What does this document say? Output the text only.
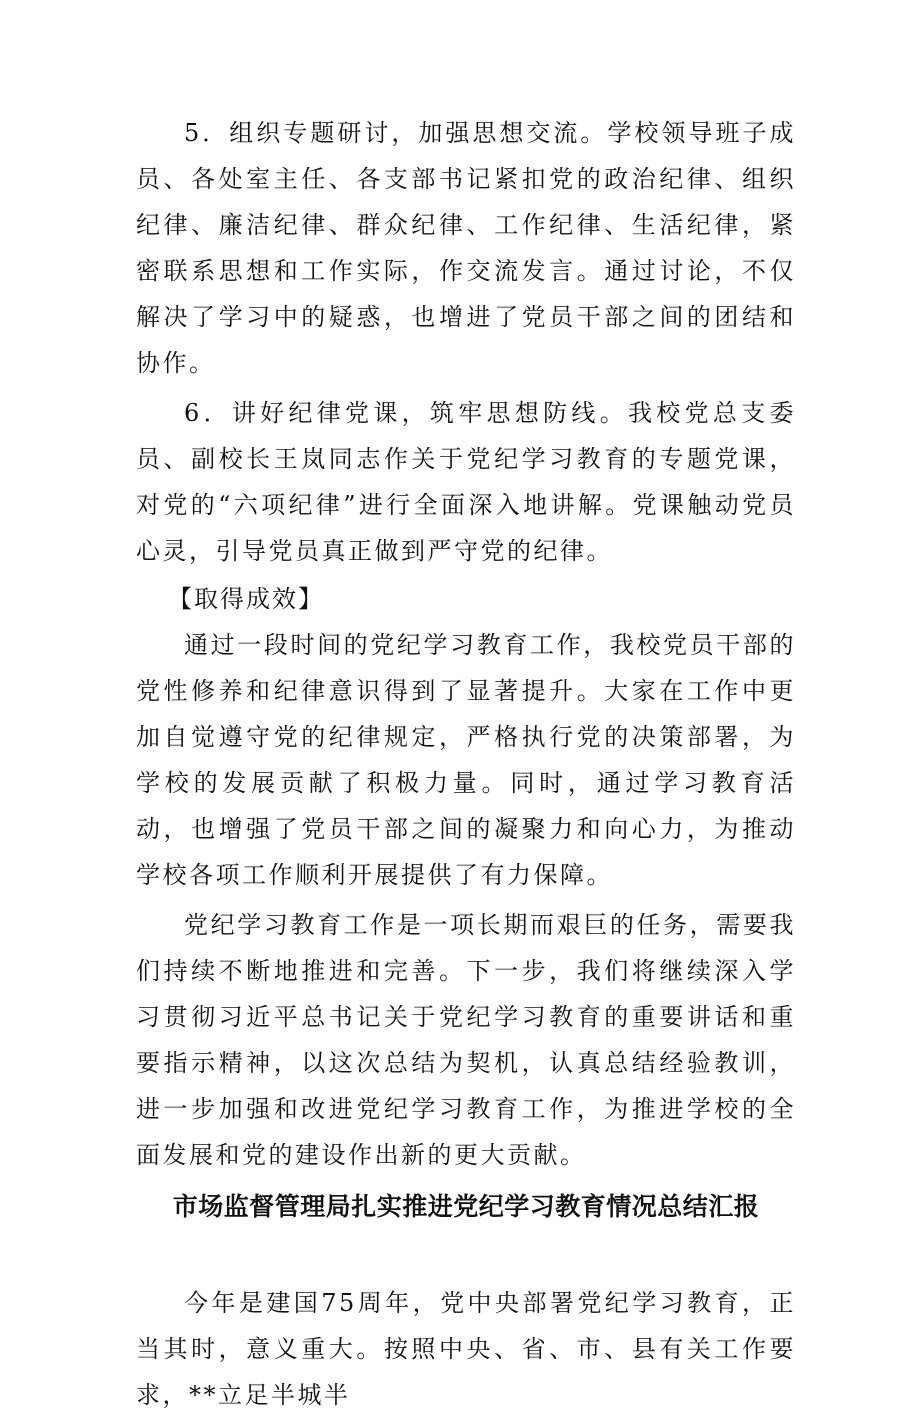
5．组织专题研讨，加强思想交流。学校领导班子成员、各处室主任、各支部书记紧扣党的政治纪律、组织纪律、廉洁纪律、群众纪律、工作纪律、生活纪律，紧密联系思想和工作实际，作交流发言。通过讨论，不仅解决了学习中的疑惑，也增进了党员干部之间的团结和协作。

6．讲好纪律党课，筑牢思想防线。我校党总支委员、副校长王岚同志作关于党纪学习教育的专题党课，对党的“六项纪律”进行全面深入地讲解。党课触动党员心灵，引导党员真正做到严守党的纪律。

【取得成效】

通过一段时间的党纪学习教育工作，我校党员干部的党性修养和纪律意识得到了显著提升。大家在工作中更加自觉遵守党的纪律规定，严格执行党的决策部署，为学校的发展贡献了积极力量。同时，通过学习教育活动，也增强了党员干部之间的凝聚力和向心力，为推动学校各项工作顺利开展提供了有力保障。

党纪学习教育工作是一项长期而艰巨的任务，需要我们持续不断地推进和完善。下一步，我们将继续深入学习贯彻习近平总书记关于党纪学习教育的重要讲话和重要指示精神，以这次总结为契机，认真总结经验教训，进一步加强和改进党纪学习教育工作，为推进学校的全面发展和党的建设作出新的更大贡献。

市场监督管理局扎实推进党纪学习教育情况总结汇报

今年是建国75周年，党中央部署党纪学习教育，正当其时，意义重大。按照中央、省、市、县有关工作要求，**立足半城半
